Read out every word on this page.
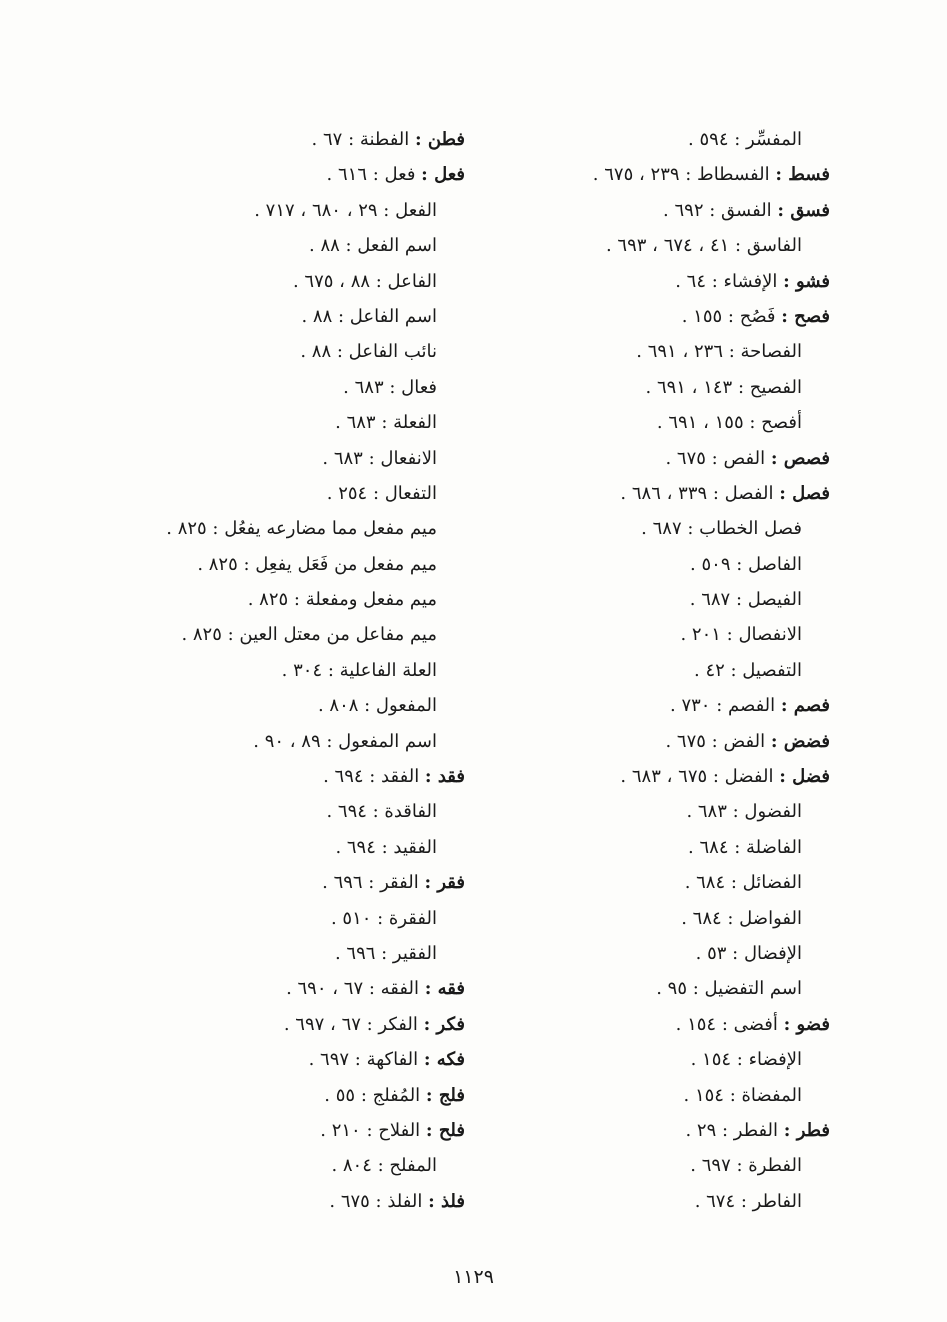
المفسِّر : ٥٩٤ .
فسط : الفسطاط : ٢٣٩ ، ٦٧٥ .
فسق : الفسق : ٦٩٢ .
الفاسق : ٤١ ، ٦٧٤ ، ٦٩٣ .
فشو : الإفشاء : ٦٤ .
فصح : فَصُح : ١٥٥ .
الفصاحة : ٢٣٦ ، ٦٩١ .
الفصيح : ١٤٣ ، ٦٩١ .
أفصح : ١٥٥ ، ٦٩١ .
فصص : الفص : ٦٧٥ .
فصل : الفصل : ٣٣٩ ، ٦٨٦ .
فصل الخطاب : ٦٨٧ .
الفاصل : ٥٠٩ .
الفيصل : ٦٨٧ .
الانفصال : ٢٠١ .
التفصيل : ٤٢ .
فصم : الفصم : ٧٣٠ .
فضض : الفض : ٦٧٥ .
فضل : الفضل : ٦٧٥ ، ٦٨٣ .
الفضول : ٦٨٣ .
الفاضلة : ٦٨٤ .
الفضائل : ٦٨٤ .
الفواضل : ٦٨٤ .
الإفضال : ٥٣ .
اسم التفضيل : ٩٥ .
فضو : أفضى : ١٥٤ .
الإفضاء : ١٥٤ .
المفضاة : ١٥٤ .
فطر : الفطر : ٢٩ .
الفطرة : ٦٩٧ .
الفاطر : ٦٧٤ .
فطن : الفطنة : ٦٧ .
فعل : فعل : ٦١٦ .
الفعل : ٢٩ ، ٦٨٠ ، ٧١٧ .
اسم الفعل : ٨٨ .
الفاعل : ٨٨ ، ٦٧٥ .
اسم الفاعل : ٨٨ .
نائب الفاعل : ٨٨ .
فعال : ٦٨٣ .
الفعلة : ٦٨٣ .
الانفعال : ٦٨٣ .
التفعال : ٢٥٤ .
ميم مفعل مما مضارعه يفعُل : ٨٢٥ .
ميم مفعل من فَعَل يفعِل : ٨٢٥ .
ميم مفعل ومفعلة : ٨٢٥ .
ميم مفاعل من معتل العين : ٨٢٥ .
العلة الفاعلية : ٣٠٤ .
المفعول : ٨٠٨ .
اسم المفعول : ٨٩ ، ٩٠ .
فقد : الفقد : ٦٩٤ .
الفاقدة : ٦٩٤ .
الفقيد : ٦٩٤ .
فقر : الفقر : ٦٩٦ .
الفقرة : ٥١٠ .
الفقير : ٦٩٦ .
فقه : الفقه : ٦٧ ، ٦٩٠ .
فكر : الفكر : ٦٧ ، ٦٩٧ .
فكه : الفاكهة : ٦٩٧ .
فلج : المُفلج : ٥٥ .
فلح : الفلاح : ٢١٠ .
المفلح : ٨٠٤ .
فلذ : الفلذ : ٦٧٥ .
١١٢٩
